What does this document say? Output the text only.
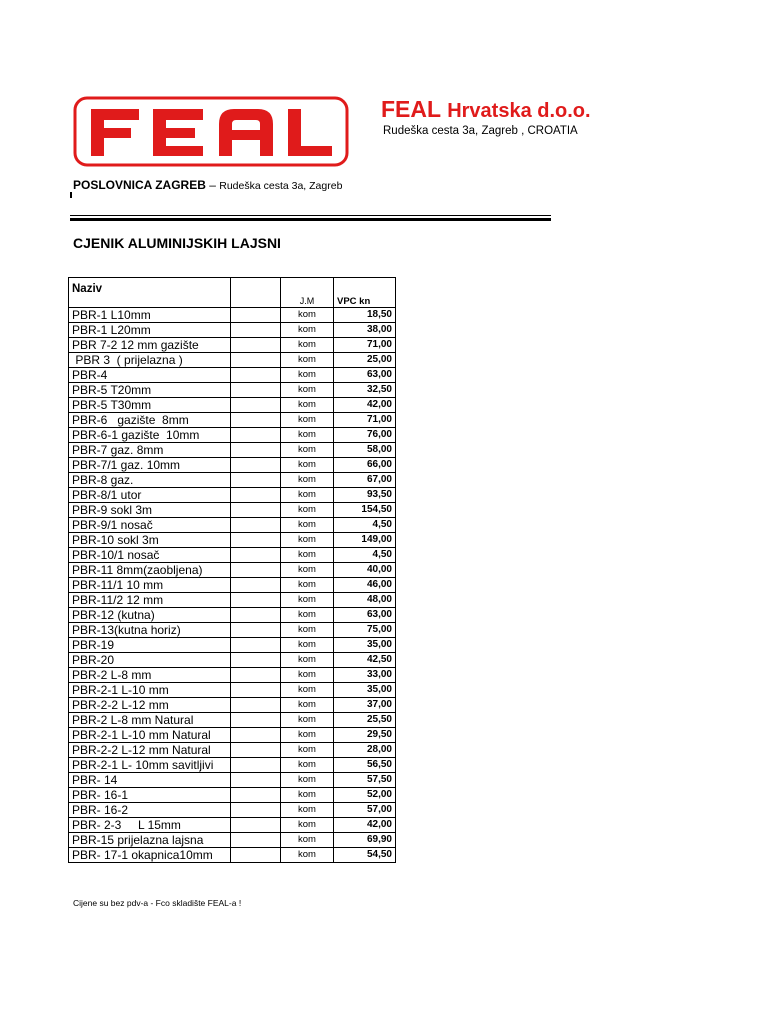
FEAL Hrvatska d.o.o.
Rudeška cesta 3a, Zagreb , CROATIA
POSLOVNICA ZAGREB – Rudeška cesta 3a, Zagreb
CJENIK ALUMINIJSKIH LAJSNI
Naziv			
		J.M	VPC kn
PBR-1 L10mm		kom	18,50
PBR-1 L20mm		kom	38,00
PBR 7-2 12 mm gazište		kom	71,00
PBR 3  ( prijelazna )		kom	25,00
PBR-4		kom	63,00
PBR-5 T20mm		kom	32,50
PBR-5 T30mm		kom	42,00
PBR-6   gazište  8mm		kom	71,00
PBR-6-1 gazište  10mm		kom	76,00
PBR-7 gaz. 8mm		kom	58,00
PBR-7/1 gaz. 10mm		kom	66,00
PBR-8 gaz.		kom	67,00
PBR-8/1 utor		kom	93,50
PBR-9 sokl 3m		kom	154,50
PBR-9/1 nosač		kom	4,50
PBR-10 sokl 3m		kom	149,00
PBR-10/1 nosač		kom	4,50
PBR-11 8mm(zaobljena)		kom	40,00
PBR-11/1 10 mm		kom	46,00
PBR-11/2 12 mm		kom	48,00
PBR-12 (kutna)		kom	63,00
PBR-13(kutna horiz)		kom	75,00
PBR-19		kom	35,00
PBR-20		kom	42,50
PBR-2 L-8 mm		kom	33,00
PBR-2-1 L-10 mm		kom	35,00
PBR-2-2 L-12 mm		kom	37,00
PBR-2 L-8 mm Natural		kom	25,50
PBR-2-1 L-10 mm Natural		kom	29,50
PBR-2-2 L-12 mm Natural		kom	28,00
PBR-2-1 L- 10mm savitljivi		kom	56,50
PBR- 14		kom	57,50
PBR- 16-1		kom	52,00
PBR- 16-2		kom	57,00
PBR- 2-3     L 15mm		kom	42,00
PBR-15 prijelazna lajsna		kom	69,90
PBR- 17-1 okapnica10mm		kom	54,50
Cijene su bez pdv-a - Fco skladište FEAL-a !
